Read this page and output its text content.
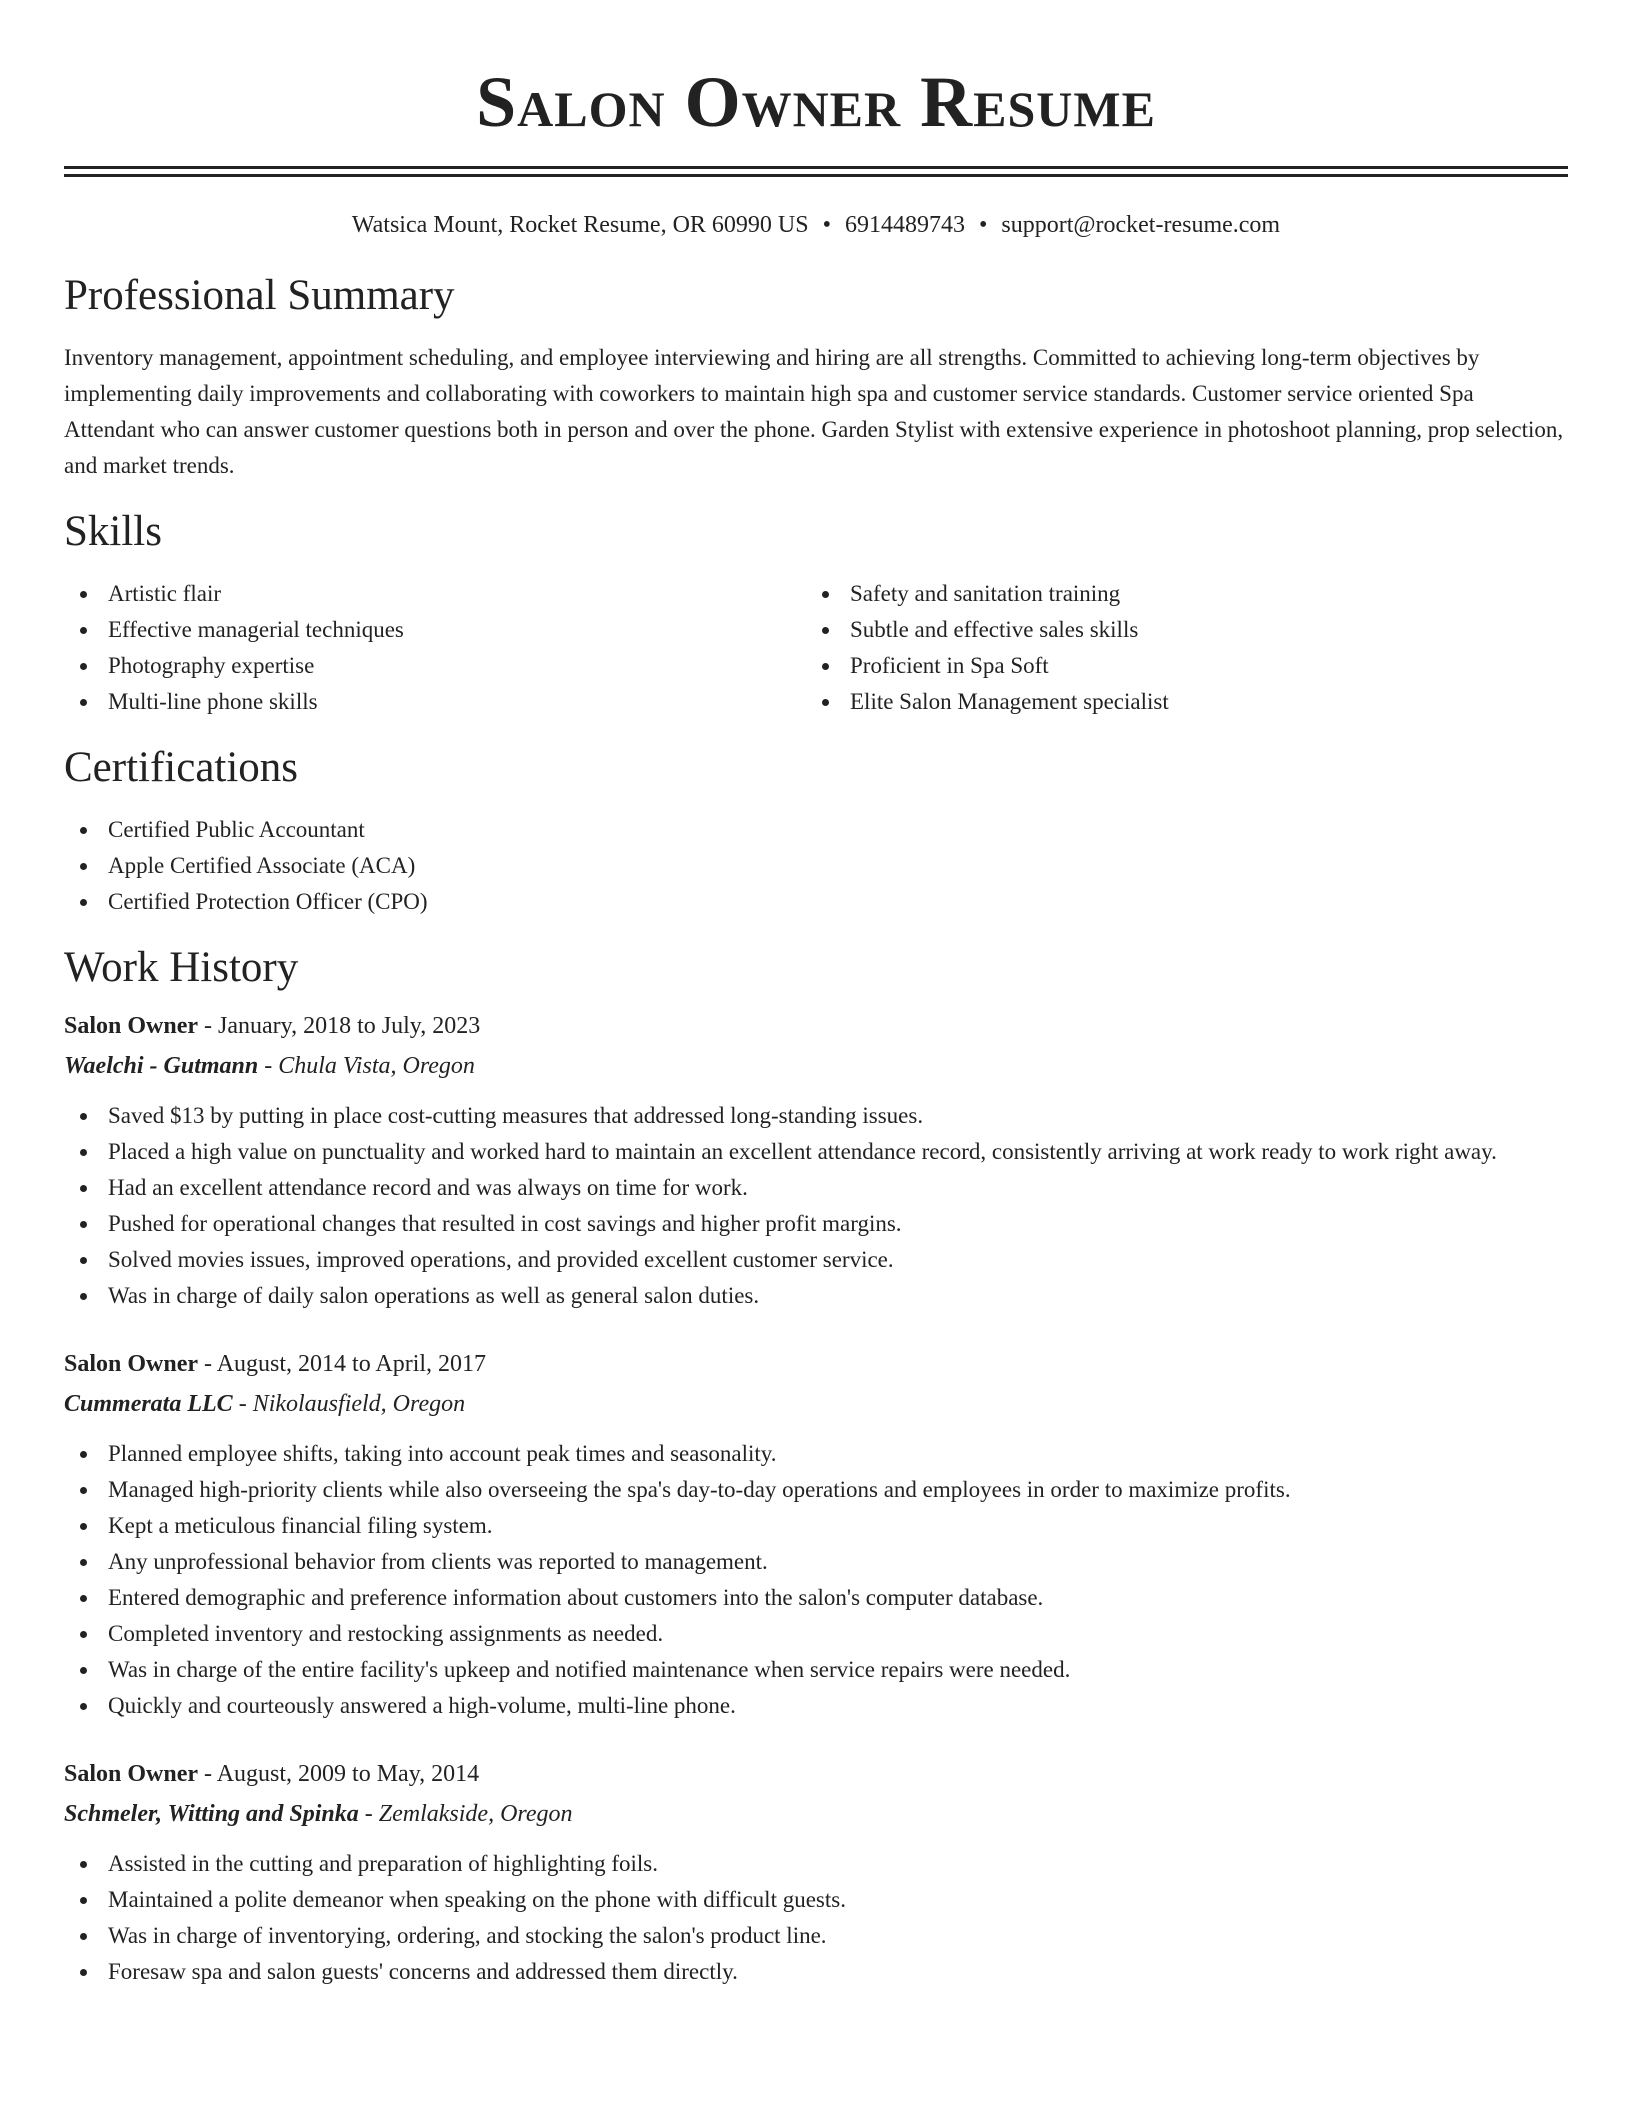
Salon Owner Resume
Watsica Mount, Rocket Resume, OR 60990 US • 6914489743 • support@rocket-resume.com
Professional Summary

Inventory management, appointment scheduling, and employee interviewing and hiring are all strengths. Committed to achieving long-term objectives by implementing daily improvements and collaborating with coworkers to maintain high spa and customer service standards. Customer service oriented Spa Attendant who can answer customer questions both in person and over the phone. Garden Stylist with extensive experience in photoshoot planning, prop selection, and market trends.

Skills
Artistic flair
Effective managerial techniques
Photography expertise
Multi-line phone skills
Safety and sanitation training
Subtle and effective sales skills
Proficient in Spa Soft
Elite Salon Management specialist
Certifications
Certified Public Accountant
Apple Certified Associate (ACA)
Certified Protection Officer (CPO)
Work History
Salon Owner - January, 2018 to July, 2023
Waelchi - Gutmann - Chula Vista, Oregon
Saved $13 by putting in place cost-cutting measures that addressed long-standing issues.
Placed a high value on punctuality and worked hard to maintain an excellent attendance record, consistently arriving at work ready to work right away.
Had an excellent attendance record and was always on time for work.
Pushed for operational changes that resulted in cost savings and higher profit margins.
Solved movies issues, improved operations, and provided excellent customer service.
Was in charge of daily salon operations as well as general salon duties.
Salon Owner - August, 2014 to April, 2017
Cummerata LLC - Nikolausfield, Oregon
Planned employee shifts, taking into account peak times and seasonality.
Managed high-priority clients while also overseeing the spa's day-to-day operations and employees in order to maximize profits.
Kept a meticulous financial filing system.
Any unprofessional behavior from clients was reported to management.
Entered demographic and preference information about customers into the salon's computer database.
Completed inventory and restocking assignments as needed.
Was in charge of the entire facility's upkeep and notified maintenance when service repairs were needed.
Quickly and courteously answered a high-volume, multi-line phone.
Salon Owner - August, 2009 to May, 2014
Schmeler, Witting and Spinka - Zemlakside, Oregon
Assisted in the cutting and preparation of highlighting foils.
Maintained a polite demeanor when speaking on the phone with difficult guests.
Was in charge of inventorying, ordering, and stocking the salon's product line.
Foresaw spa and salon guests' concerns and addressed them directly.
